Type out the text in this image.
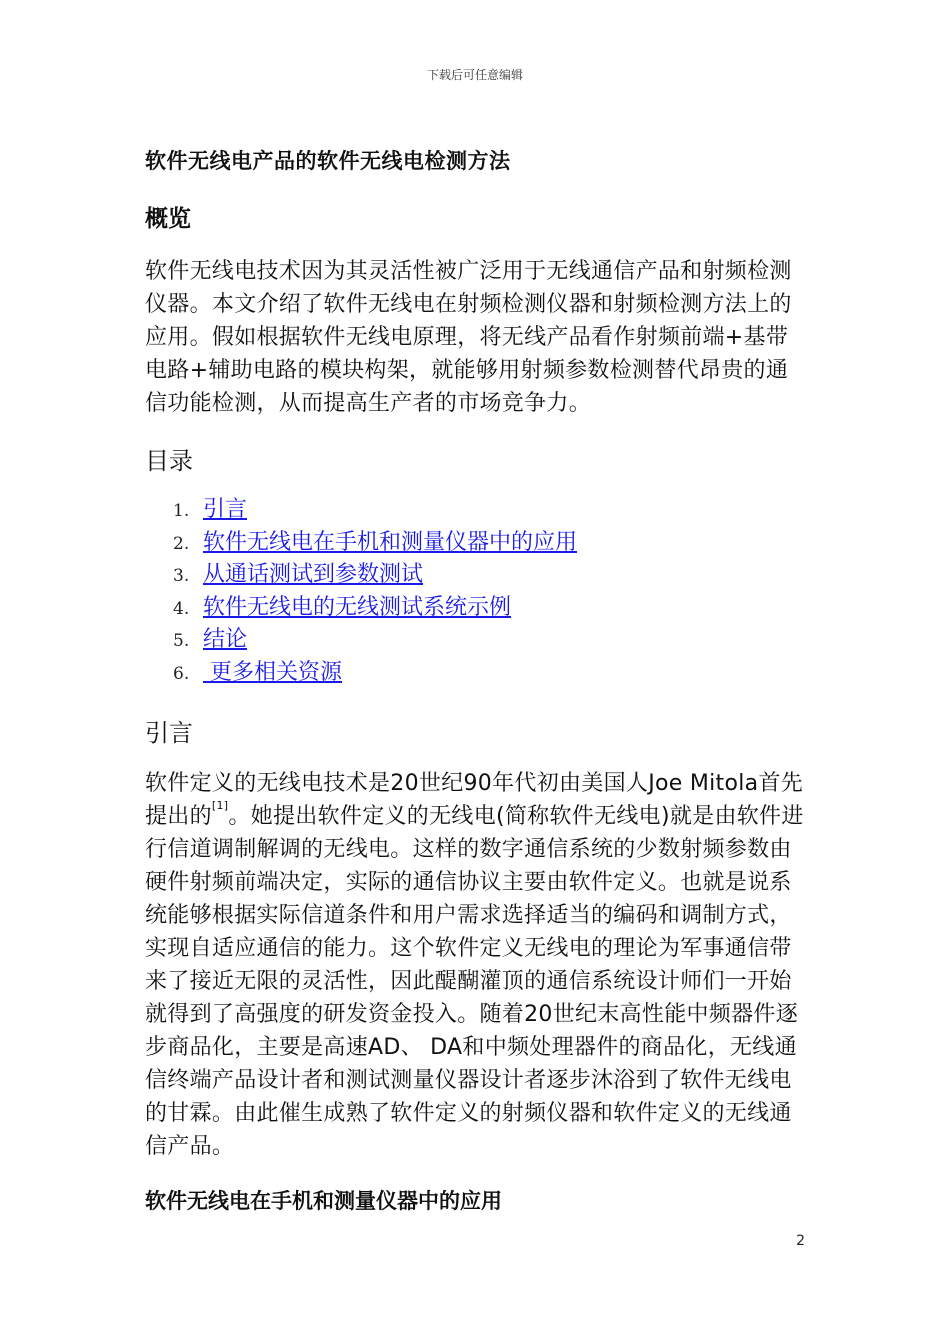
下载后可任意编辑
软件无线电产品的软件无线电检测方法
概览

软件无线电技术因为其灵活性被广泛用于无线通信产品和射频检测仪器。本文介绍了软件无线电在射频检测仪器和射频检测方法上的应用。假如根据软件无线电原理，将无线产品看作射频前端+基带电路+辅助电路的模块构架，就能够用射频参数检测替代昂贵的通信功能检测，从而提高生产者的市场竞争力。

目录
1. 引言
2. 软件无线电在手机和测量仪器中的应用
3. 从通话测试到参数测试
4. 软件无线电的无线测试系统示例
5. 结论
6. 更多相关资源
引言

软件定义的无线电技术是20世纪90年代初由美国人Joe Mitola首先提出的[1]。她提出软件定义的无线电(简称软件无线电)就是由软件进行信道调制解调的无线电。这样的数字通信系统的少数射频参数由硬件射频前端决定，实际的通信协议主要由软件定义。也就是说系统能够根据实际信道条件和用户需求选择适当的编码和调制方式，实现自适应通信的能力。这个软件定义无线电的理论为军事通信带来了接近无限的灵活性，因此醍醐灌顶的通信系统设计师们一开始就得到了高强度的研发资金投入。随着20世纪末高性能中频器件逐步商品化，主要是高速AD、 DA和中频处理器件的商品化，无线通信终端产品设计者和测试测量仪器设计者逐步沐浴到了软件无线电的甘霖。由此催生成熟了软件定义的射频仪器和软件定义的无线通信产品。

软件无线电在手机和测量仪器中的应用
2
